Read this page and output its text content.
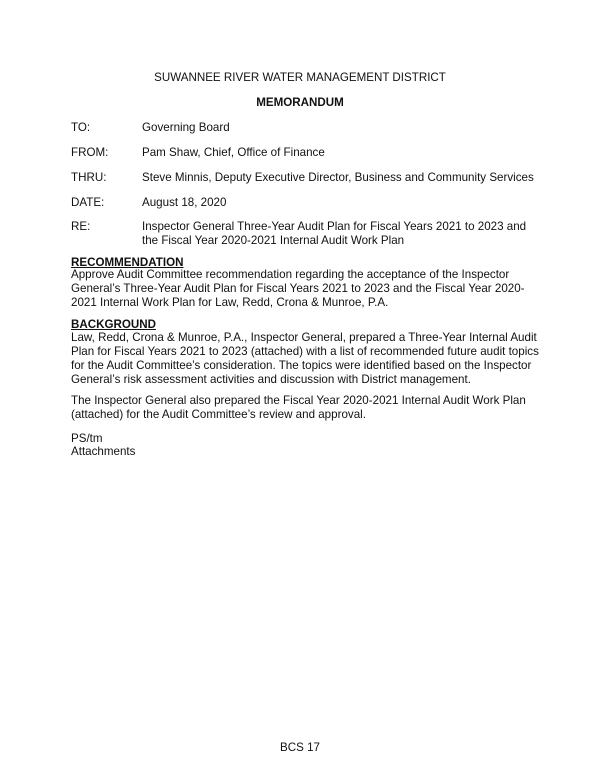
SUWANNEE RIVER WATER MANAGEMENT DISTRICT
MEMORANDUM
TO:	Governing Board
FROM:	Pam Shaw, Chief, Office of Finance
THRU:	Steve Minnis, Deputy Executive Director, Business and Community Services
DATE:	August 18, 2020
RE:	Inspector General Three-Year Audit Plan for Fiscal Years 2021 to 2023 and the Fiscal Year 2020-2021 Internal Audit Work Plan
RECOMMENDATION
Approve Audit Committee recommendation regarding the acceptance of the Inspector General’s Three-Year Audit Plan for Fiscal Years 2021 to 2023 and the Fiscal Year 2020-2021 Internal Work Plan for Law, Redd, Crona & Munroe, P.A.
BACKGROUND
Law, Redd, Crona & Munroe, P.A., Inspector General, prepared a Three-Year Internal Audit Plan for Fiscal Years 2021 to 2023 (attached) with a list of recommended future audit topics for the Audit Committee’s consideration. The topics were identified based on the Inspector General’s risk assessment activities and discussion with District management.
The Inspector General also prepared the Fiscal Year 2020-2021 Internal Audit Work Plan (attached) for the Audit Committee’s review and approval.
PS/tm
Attachments
BCS 17
